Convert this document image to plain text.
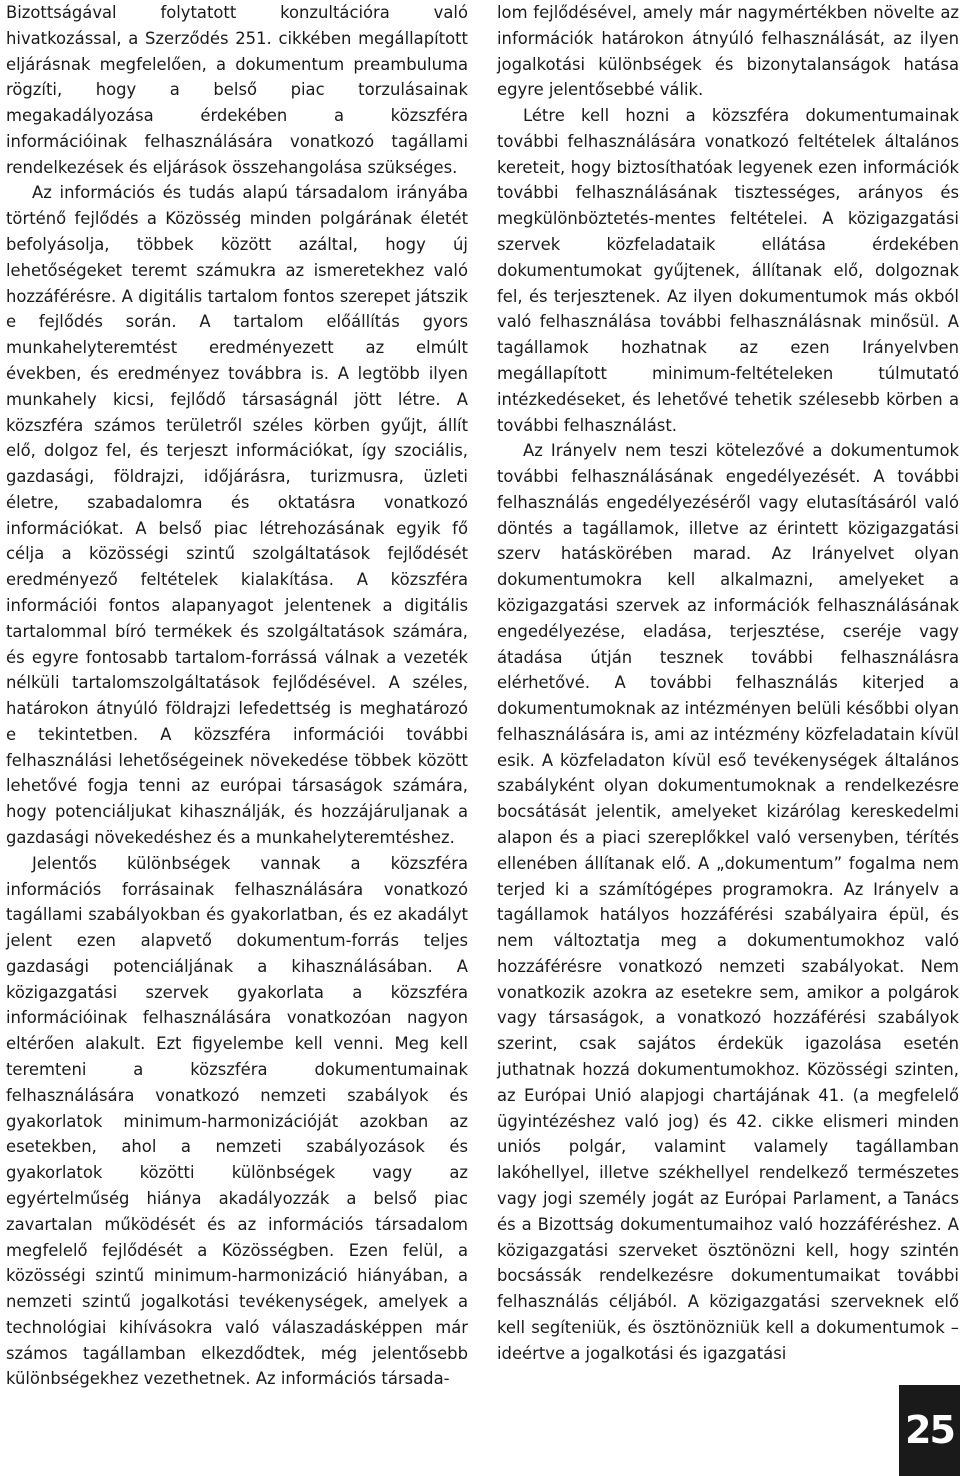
Bizottságával folytatott konzultációra való hivatkozással, a Szerződés 251. cikkében megállapított eljárásnak megfelelően, a dokumentum preambuluma rögzíti, hogy a belső piac torzulásainak megakadályozása érdekében a közszféra információinak felhasználására vonatkozó tagállami rendelkezések és eljárások összehangolása szükséges.

Az információs és tudás alapú társadalom irányába történő fejlődés a Közösség minden polgárának életét befolyásolja, többek között azáltal, hogy új lehetőségeket teremt számukra az ismeretekhez való hozzáférésre. A digitális tartalom fontos szerepet játszik e fejlődés során. A tartalom előállítás gyors munkahelyteremtést eredményezett az elmúlt években, és eredményez továbbra is. A legtöbb ilyen munkahely kicsi, fejlődő társaságnál jött létre. A közszféra számos területről széles körben gyűjt, állít elő, dolgoz fel, és terjeszt információkat, így szociális, gazdasági, földrajzi, időjárásra, turizmusra, üzleti életre, szabadalomra és oktatásra vonatkozó információkat. A belső piac létrehozásának egyik fő célja a közösségi szintű szolgáltatások fejlődését eredményező feltételek kialakítása. A közszféra információi fontos alapanyagot jelentenek a digitális tartalommal bíró termékek és szolgáltatások számára, és egyre fontosabb tartalom-forrássá válnak a vezeték nélküli tartalomszolgáltatások fejlődésével. A széles, határokon átnyúló földrajzi lefedettség is meghatározó e tekintetben. A közszféra információi további felhasználási lehetőségeinek növekedése többek között lehetővé fogja tenni az európai társaságok számára, hogy potenciáljukat kihasználják, és hozzájáruljanak a gazdasági növekedéshez és a munkahelyteremtéshez.

Jelentős különbségek vannak a közszféra információs forrásainak felhasználására vonatkozó tagállami szabályokban és gyakorlatban, és ez akadályt jelent ezen alapvető dokumentum-forrás teljes gazdasági potenciáljának a kihasználásában. A közigazgatási szervek gyakorlata a közszféra információinak felhasználására vonatkozóan nagyon eltérően alakult. Ezt figyelembe kell venni. Meg kell teremteni a közszféra dokumentumainak felhasználására vonatkozó nemzeti szabályok és gyakorlatok minimum-harmonizációját azokban az esetekben, ahol a nemzeti szabályozások és gyakorlatok közötti különbségek vagy az egyértelműség hiánya akadályozzák a belső piac zavartalan működését és az információs társadalom megfelelő fejlődését a Közösségben. Ezen felül, a közösségi szintű minimum-harmonizáció hiányában, a nemzeti szintű jogalkotási tevékenységek, amelyek a technológiai kihívásokra való válaszadásképpen már számos tagállamban elkezdődtek, még jelentősebb különbségekhez vezethetnek. Az információs társada-

lom fejlődésével, amely már nagymértékben növelte az információk határokon átnyúló felhasználását, az ilyen jogalkotási különbségek és bizonytalanságok hatása egyre jelentősebbé válik.

Létre kell hozni a közszféra dokumentumainak további felhasználására vonatkozó feltételek általános kereteit, hogy biztosíthatóak legyenek ezen információk további felhasználásának tisztességes, arányos és megkülönböztetés-mentes feltételei. A közigazgatási szervek közfeladataik ellátása érdekében dokumentumokat gyűjtenek, állítanak elő, dolgoznak fel, és terjesztenek. Az ilyen dokumentumok más okból való felhasználása további felhasználásnak minősül. A tagállamok hozhatnak az ezen Irányelvben megállapított minimum-feltételeken túlmutató intézkedéseket, és lehetővé tehetik szélesebb körben a további felhasználást.

Az Irányelv nem teszi kötelezővé a dokumentumok további felhasználásának engedélyezését. A további felhasználás engedélyezéséről vagy elutasításáról való döntés a tagállamok, illetve az érintett közigazgatási szerv hatáskörében marad. Az Irányelvet olyan dokumentumokra kell alkalmazni, amelyeket a közigazgatási szervek az információk felhasználásának engedélyezése, eladása, terjesztése, cseréje vagy átadása útján tesznek további felhasználásra elérhetővé. A további felhasználás kiterjed a dokumentumoknak az intézményen belüli későbbi olyan felhasználására is, ami az intézmény közfeladatain kívül esik. A közfeladaton kívül eső tevékenységek általános szabályként olyan dokumentumoknak a rendelkezésre bocsátását jelentik, amelyeket kizárólag kereskedelmi alapon és a piaci szereplőkkel való versenyben, térítés ellenében állítanak elő. A „dokumentum” fogalma nem terjed ki a számítógépes programokra. Az Irányelv a tagállamok hatályos hozzáférési szabályaira épül, és nem változtatja meg a dokumentumokhoz való hozzáférésre vonatkozó nemzeti szabályokat. Nem vonatkozik azokra az esetekre sem, amikor a polgárok vagy társaságok, a vonatkozó hozzáférési szabályok szerint, csak sajátos érdekük igazolása esetén juthatnak hozzá dokumentumokhoz. Közösségi szinten, az Európai Unió alapjogi chartájának 41. (a megfelelő ügyintézéshez való jog) és 42. cikke elismeri minden uniós polgár, valamint valamely tagállamban lakóhellyel, illetve székhellyel rendelkező természetes vagy jogi személy jogát az Európai Parlament, a Tanács és a Bizottság dokumentumaihoz való hozzáféréshez. A közigazgatási szerveket ösztönözni kell, hogy szintén bocsássák rendelkezésre dokumentumaikat további felhasználás céljából. A közigazgatási szerveknek elő kell segíteniük, és ösztönözniük kell a dokumentumok – ideértve a jogalkotási és igazgatási

25
